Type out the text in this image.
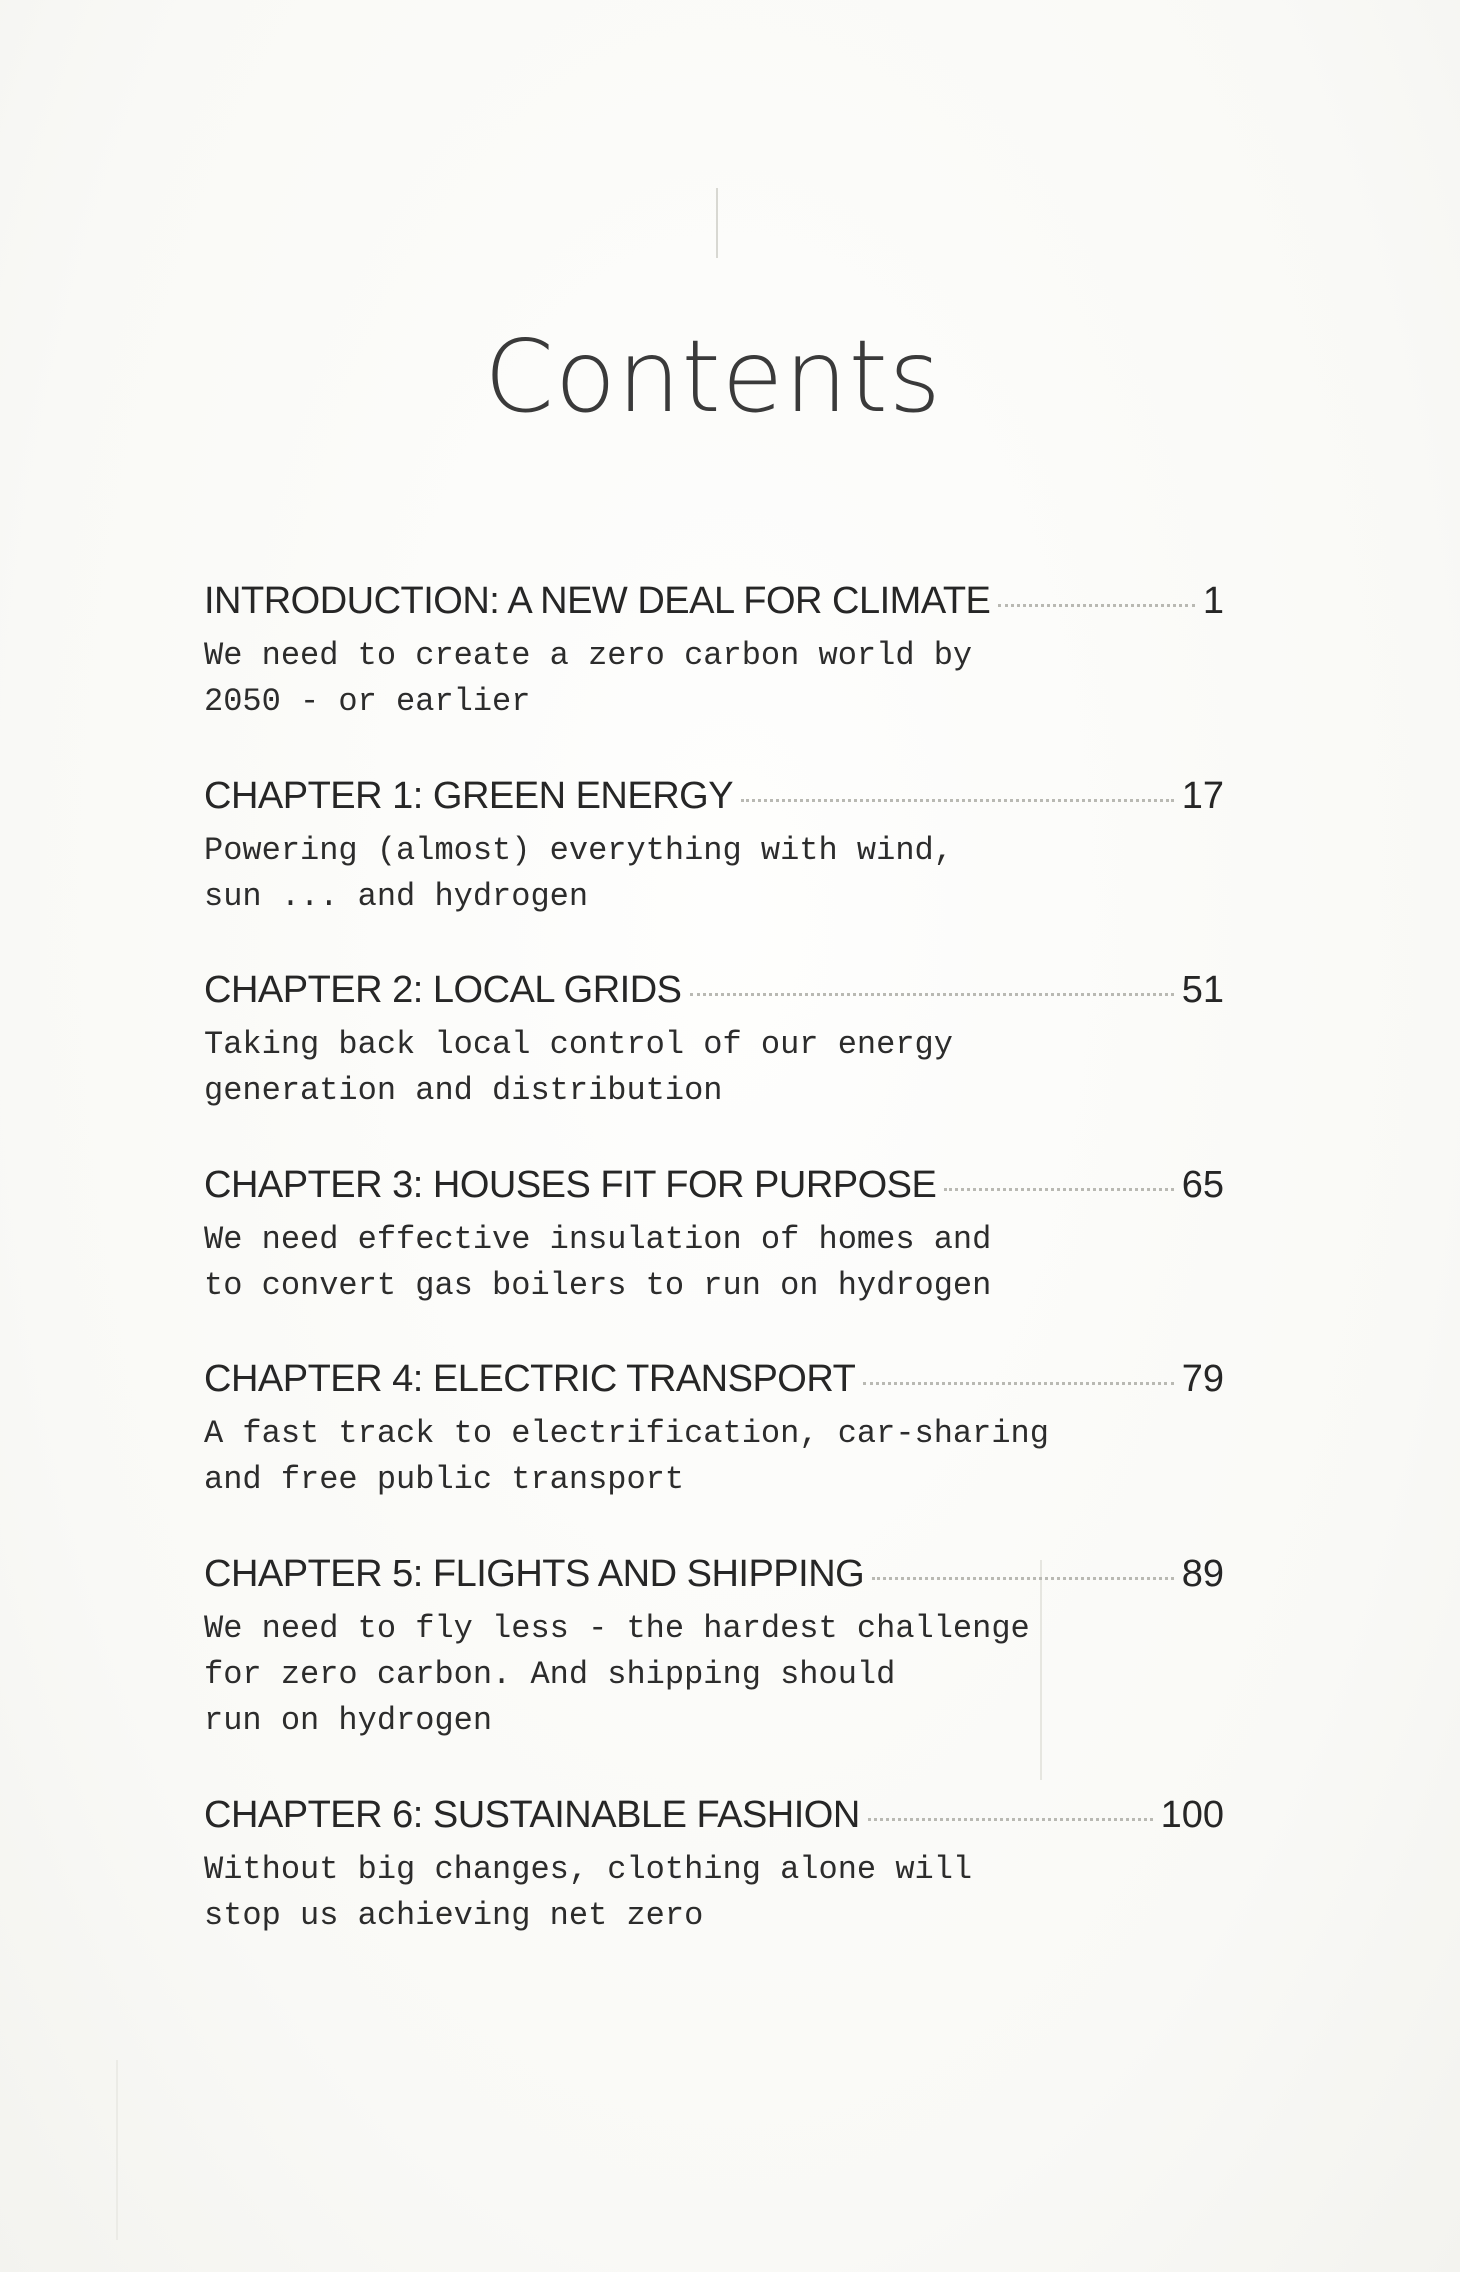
Contents
INTRODUCTION: A NEW DEAL FOR CLIMATE	1
We need to create a zero carbon world by
2050 - or earlier
CHAPTER 1: GREEN ENERGY	17
Powering (almost) everything with wind,
sun ... and hydrogen
CHAPTER 2: LOCAL GRIDS	51
Taking back local control of our energy
generation and distribution
CHAPTER 3: HOUSES FIT FOR PURPOSE	65
We need effective insulation of homes and
to convert gas boilers to run on hydrogen
CHAPTER 4: ELECTRIC TRANSPORT	79
A fast track to electrification, car-sharing
and free public transport
CHAPTER 5: FLIGHTS AND SHIPPING	89
We need to fly less - the hardest challenge
for zero carbon. And shipping should
run on hydrogen
CHAPTER 6: SUSTAINABLE FASHION	100
Without big changes, clothing alone will
stop us achieving net zero
